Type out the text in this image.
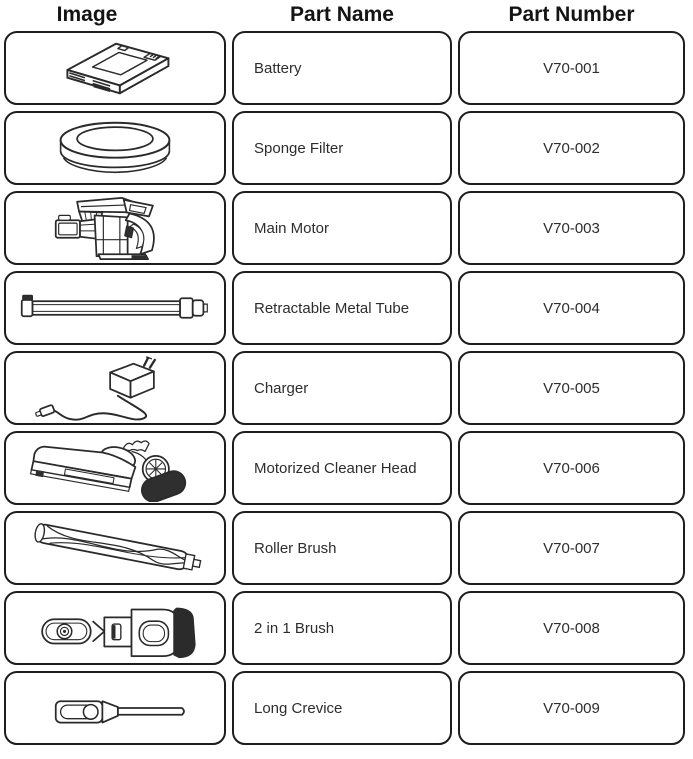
Image	Part Name	Part Number
Battery	V70-001
Sponge Filter	V70-002
Main Motor	V70-003
Retractable Metal Tube	V70-004
Charger	V70-005
Motorized Cleaner Head	V70-006
Roller Brush	V70-007
2 in 1 Brush	V70-008
Long Crevice	V70-009
